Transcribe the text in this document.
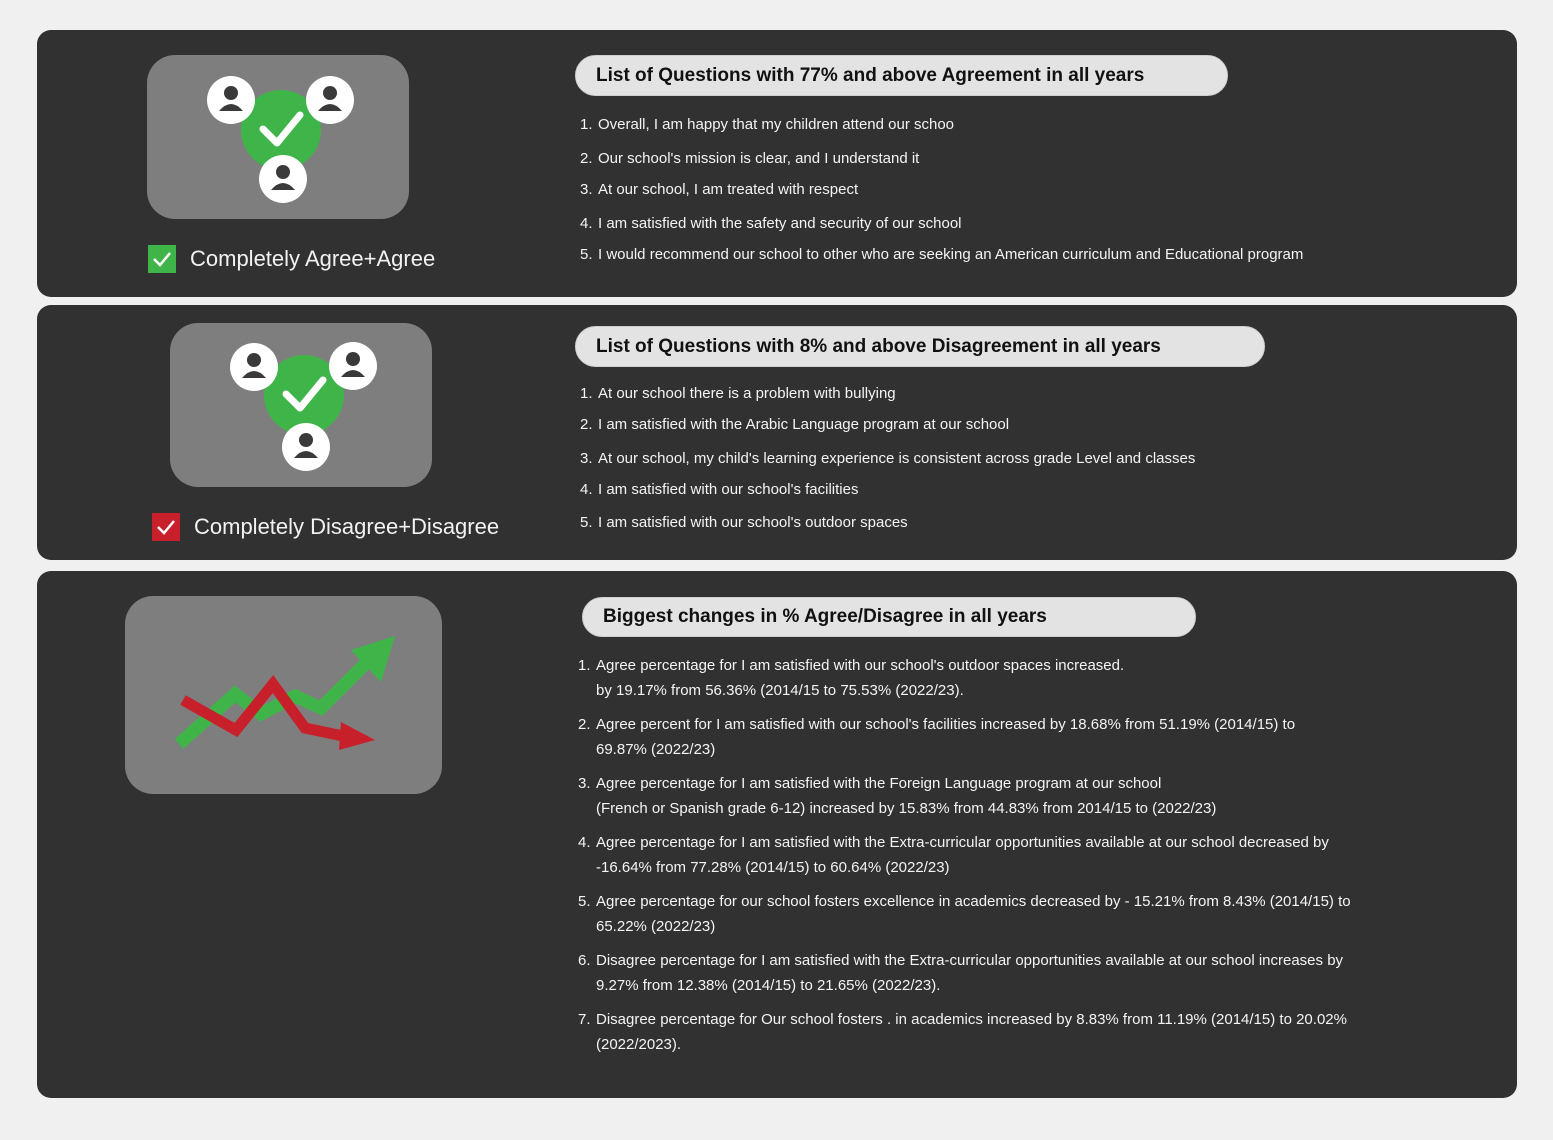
Completely Agree+Agree
List of Questions with 77% and above Agreement in all years
1. Overall, I am happy that my children attend our schoo
2. Our school's mission is clear, and I understand it
3. At our school, I am treated with respect
4. I am satisfied with the safety and security of our school
5. I would recommend our school to other who are seeking an American curriculum and Educational program
Completely Disagree+Disagree
List of Questions with 8% and above Disagreement in all years
1. At our school there is a problem with bullying
2. I am satisfied with the Arabic Language program at our school
3. At our school, my child's learning experience is consistent across grade Level and classes
4. I am satisfied with our school's facilities
5. I am satisfied with our school's outdoor spaces
Biggest changes in % Agree/Disagree in all years
1. Agree percentage for I am satisfied with our school's outdoor spaces increased.
by 19.17% from 56.36% (2014/15 to 75.53% (2022/23).
2. Agree percent for I am satisfied with our school's facilities increased by 18.68% from 51.19% (2014/15) to
69.87% (2022/23)
3. Agree percentage for I am satisfied with the Foreign Language program at our school
(French or Spanish grade 6-12) increased by 15.83% from 44.83% from 2014/15 to (2022/23)
4. Agree percentage for I am satisfied with the Extra-curricular opportunities available at our school decreased by
-16.64% from 77.28% (2014/15) to 60.64% (2022/23)
5. Agree percentage for our school fosters excellence in academics decreased by - 15.21% from 8.43% (2014/15) to
65.22% (2022/23)
6. Disagree percentage for I am satisfied with the Extra-curricular opportunities available at our school increases by
9.27% from 12.38% (2014/15) to 21.65% (2022/23).
7. Disagree percentage for Our school fosters . in academics increased by 8.83% from 11.19% (2014/15) to 20.02%
(2022/2023).
